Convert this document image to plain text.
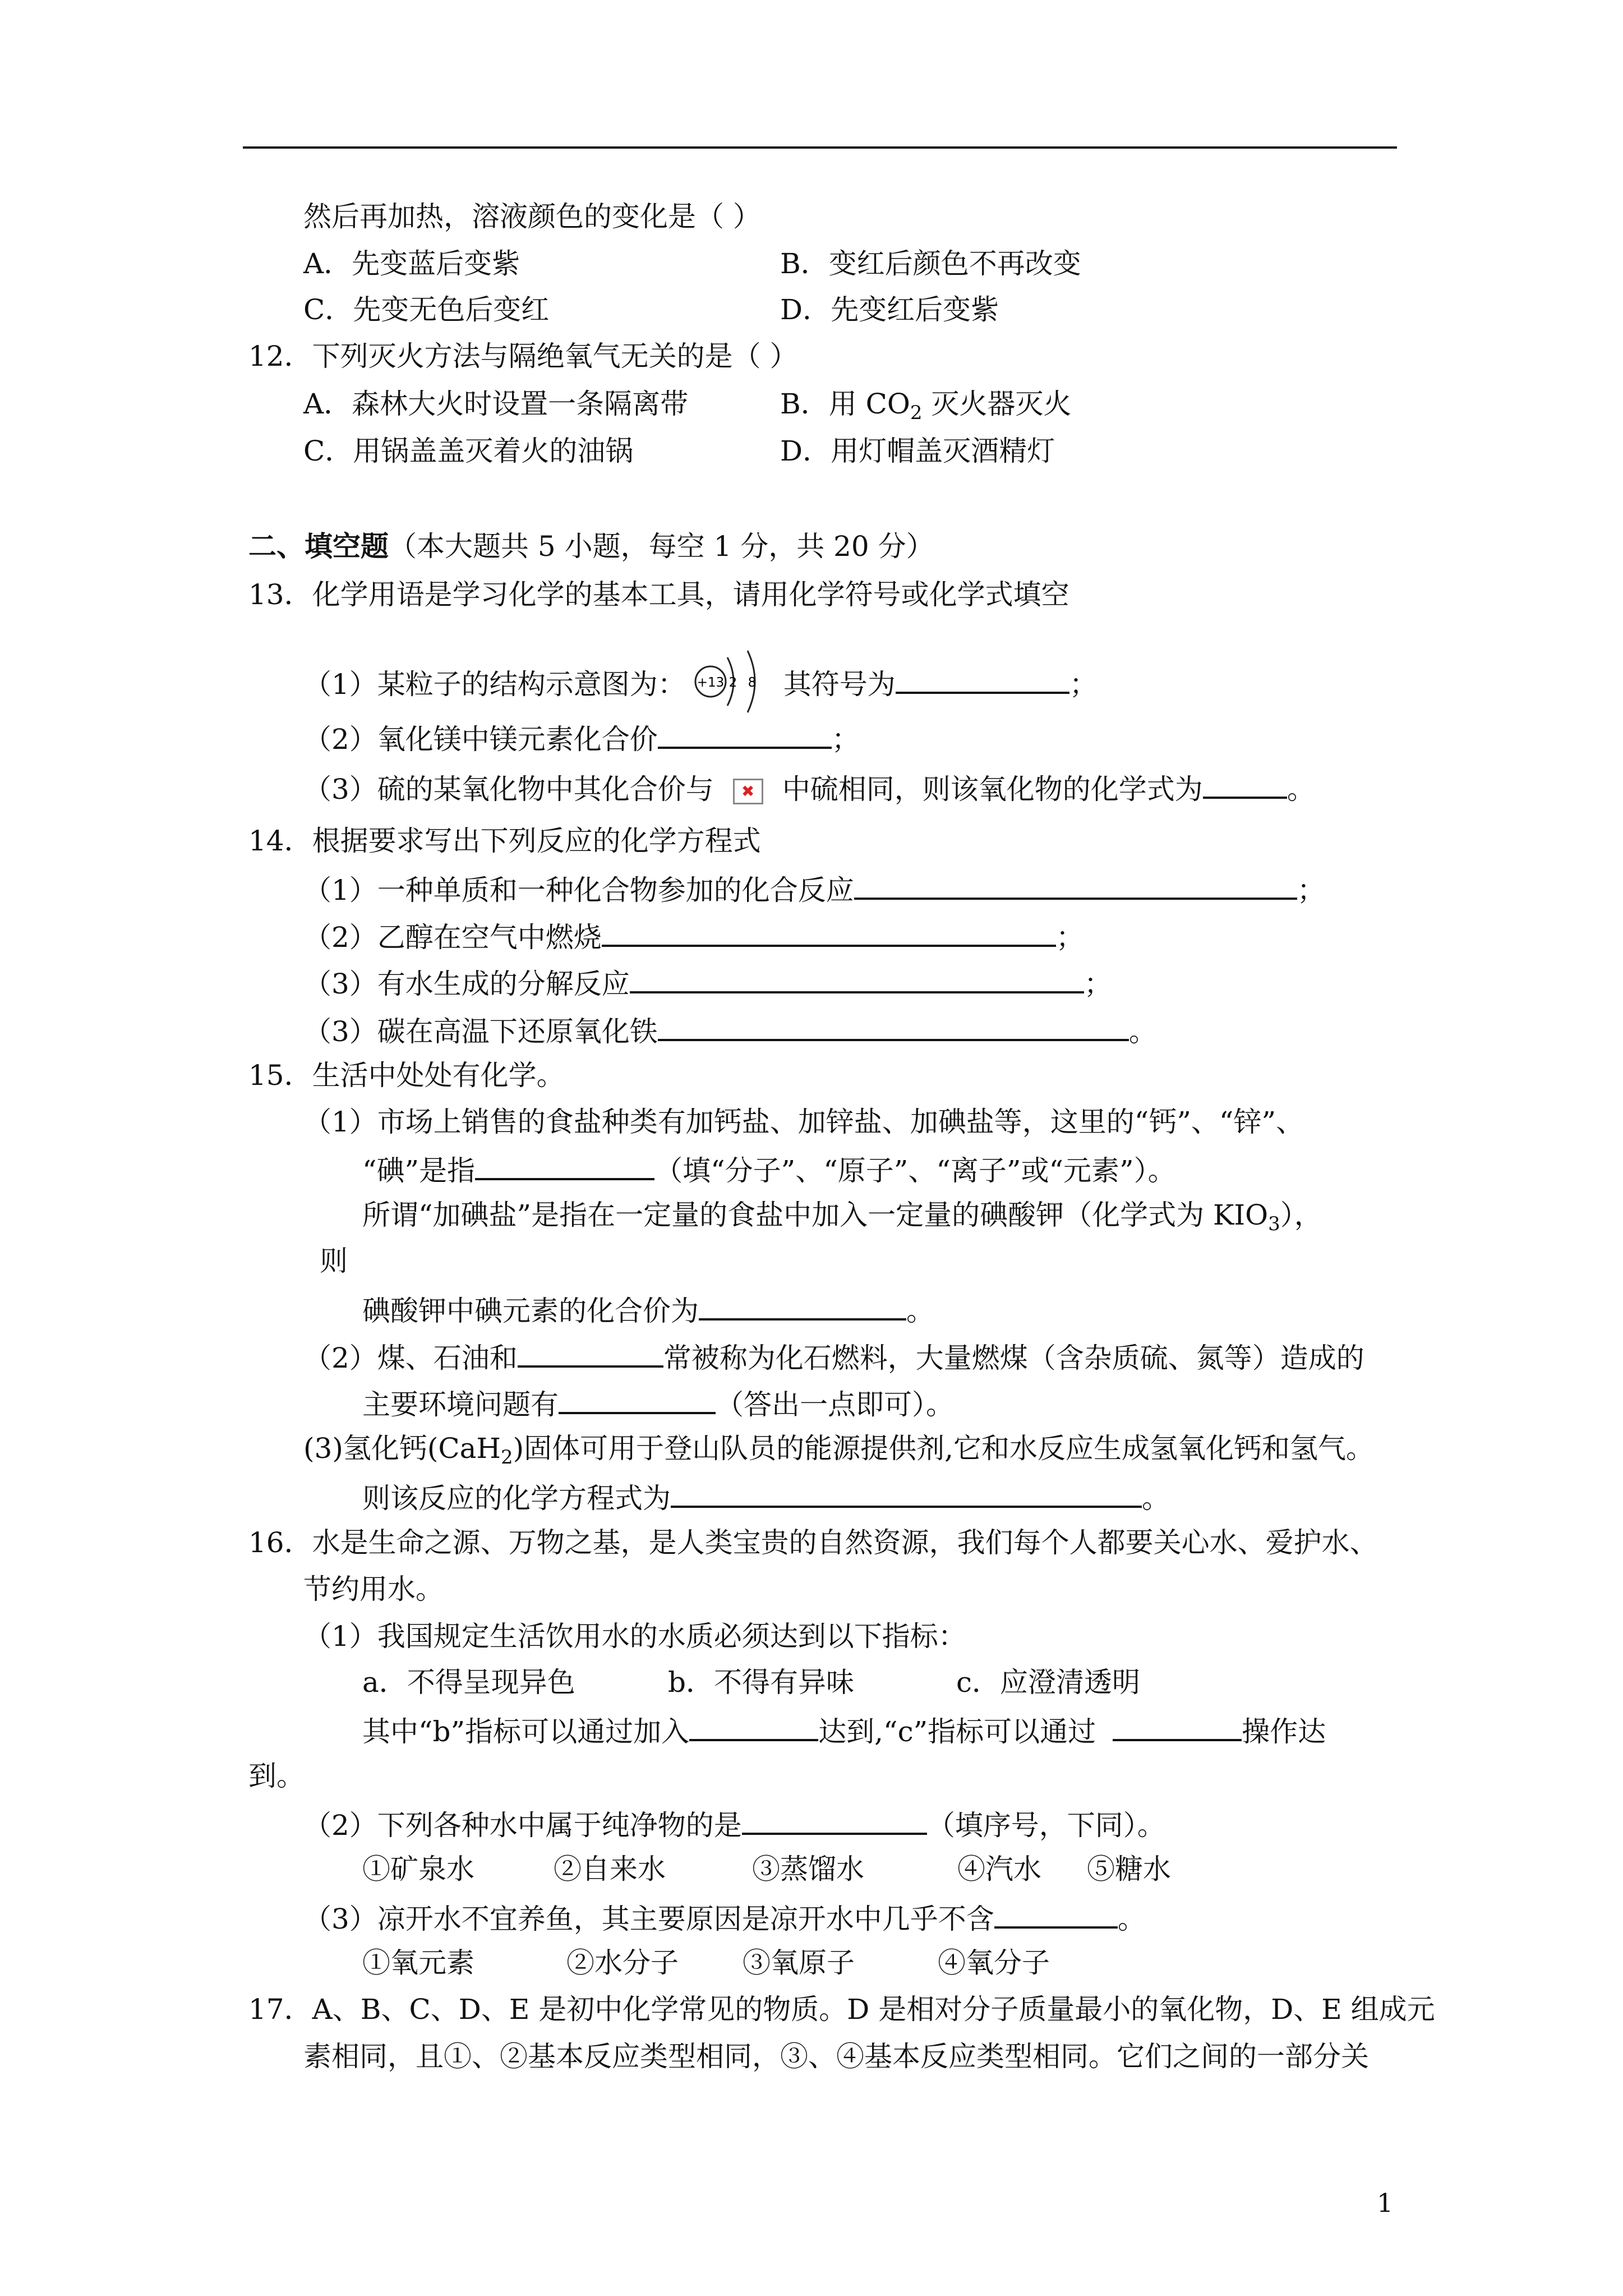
然后再加热，溶液颜色的变化是（ ）
A．先变蓝后变紫	B．变红后颜色不再改变
C．先变无色后变红	D．先变红后变紫
12．下列灭火方法与隔绝氧气无关的是（ ）
A．森林大火时设置一条隔离带	B．用 $CO_2$ 灭火器灭火
C．用锅盖盖灭着火的油锅	D．用灯帽盖灭酒精灯
二、填空题（本大题共 5 小题，每空 1 分，共 20 分）
13．化学用语是学习化学的基本工具，请用化学符号或化学式填空
（1）某粒子的结构示意图为： +13 2 8 其符号为	；
（2）氧化镁中镁元素化合价	；
（3）硫的某氧化物中其化合价与 ✖ 中硫相同，则该氧化物的化学式为	。
14．根据要求写出下列反应的化学方程式
（1）一种单质和一种化合物参加的化合反应	；
（2）乙醇在空气中燃烧	；
（3）有水生成的分解反应	；
（3）碳在高温下还原氧化铁	。
15．生活中处处有化学。
（1）市场上销售的食盐种类有加钙盐、加锌盐、加碘盐等，这里的“钙”、“锌”、
“碘”是指	（填“分子”、“原子”、“离子”或“元素”）。
所谓“加碘盐”是指在一定量的食盐中加入一定量的碘酸钾（化学式为 $KIO_3$），
则
碘酸钾中碘元素的化合价为	。
（2）煤、石油和	常被称为化石燃料，大量燃煤（含杂质硫、氮等）造成的
主要环境问题有	（答出一点即可）。
(3)氢化钙(CaH$_2$)固体可用于登山队员的能源提供剂,它和水反应生成氢氧化钙和氢气。
则该反应的化学方程式为	。
16．水是生命之源、万物之基，是人类宝贵的自然资源，我们每个人都要关心水、爱护水、
节约用水。
（1）我国规定生活饮用水的水质必须达到以下指标：
a．不得呈现异色	b．不得有异味	c．应澄清透明
其中“b”指标可以通过加入	达到,“c”指标可以通过	操作达
到。
（2）下列各种水中属于纯净物的是	（填序号，下同）。
①矿泉水	②自来水	③蒸馏水	④汽水 ⑤糖水
（3）凉开水不宜养鱼，其主要原因是凉开水中几乎不含	。
①氧元素	②水分子 ③氧原子	④氧分子
17．A、B、C、D、E 是初中化学常见的物质。D 是相对分子质量最小的氧化物，D、E 组成元
素相同，且①、②基本反应类型相同，③、④基本反应类型相同。它们之间的一部分关
1
